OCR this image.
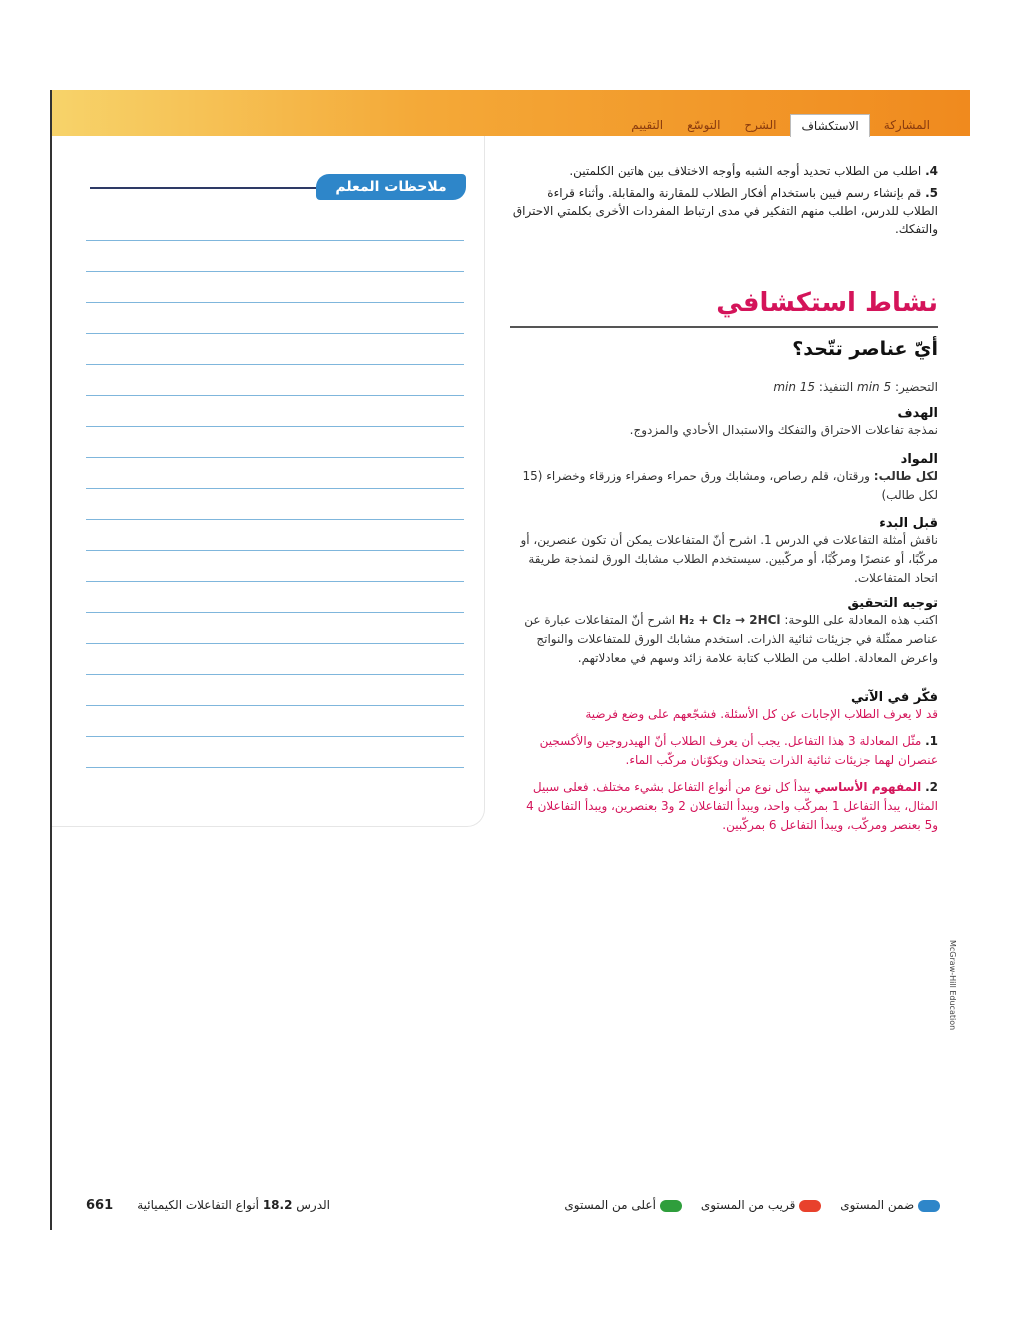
المشاركة
الاستكشاف
الشرح
التوسّع
التقييم
ملاحظات المعلم

4. اطلب من الطلاب تحديد أوجه الشبه وأوجه الاختلاف بين هاتين الكلمتين.

5. قم بإنشاء رسم فيين باستخدام أفكار الطلاب للمقارنة والمقابلة. وأثناء قراءة الطلاب للدرس، اطلب منهم التفكير في مدى ارتباط المفردات الأخرى بكلمتي الاحتراق والتفكك.

نشاط استكشافي
أيّ عناصر تتّحد؟
التحضير: 5 min التنفيذ: 15 min
الهدف
نمذجة تفاعلات الاحتراق والتفكك والاستبدال الأحادي والمزدوج.
المواد
لكل طالب: ورقتان، قلم رصاص، ومشابك ورق حمراء وصفراء وزرقاء وخضراء (15 لكل طالب)
قبل البدء
ناقش أمثلة التفاعلات في الدرس 1. اشرح أنّ المتفاعلات يمكن أن تكون عنصرين، أو مركّبًا، أو عنصرًا ومركّبًا، أو مركّبين. سيستخدم الطلاب مشابك الورق لنمذجة طريقة اتحاد المتفاعلات.
توجيه التحقيق
اكتب هذه المعادلة على اللوحة: H₂ + Cl₂ → 2HCl اشرح أنّ المتفاعلات عبارة عن عناصر ممثّلة في جزيئات ثنائية الذرات. استخدم مشابك الورق للمتفاعلات والنواتج واعرض المعادلة. اطلب من الطلاب كتابة علامة زائد وسهم في معادلاتهم.
فكّر في الآتي
قد لا يعرف الطلاب الإجابات عن كل الأسئلة. فشجّعهم على وضع فرضية
1. مثّل المعادلة 3 هذا التفاعل. يجب أن يعرف الطلاب أنّ الهيدروجين والأكسجين عنصران لهما جزيئات ثنائية الذرات يتحدان ويكوّنان مركّب الماء.
2. المفهوم الأساسي يبدأ كل نوع من أنواع التفاعل بشيء مختلف. فعلى سبيل المثال، يبدأ التفاعل 1 بمركّب واحد، ويبدأ التفاعلان 2 و3 بعنصرين، ويبدأ التفاعلان 4 و5 بعنصر ومركّب، ويبدأ التفاعل 6 بمركّبين.
McGraw-Hill Education
661	الدرس 18.2 أنواع التفاعلات الكيميائية	ضمن المستوى      قريب من المستوى      أعلى من المستوى
